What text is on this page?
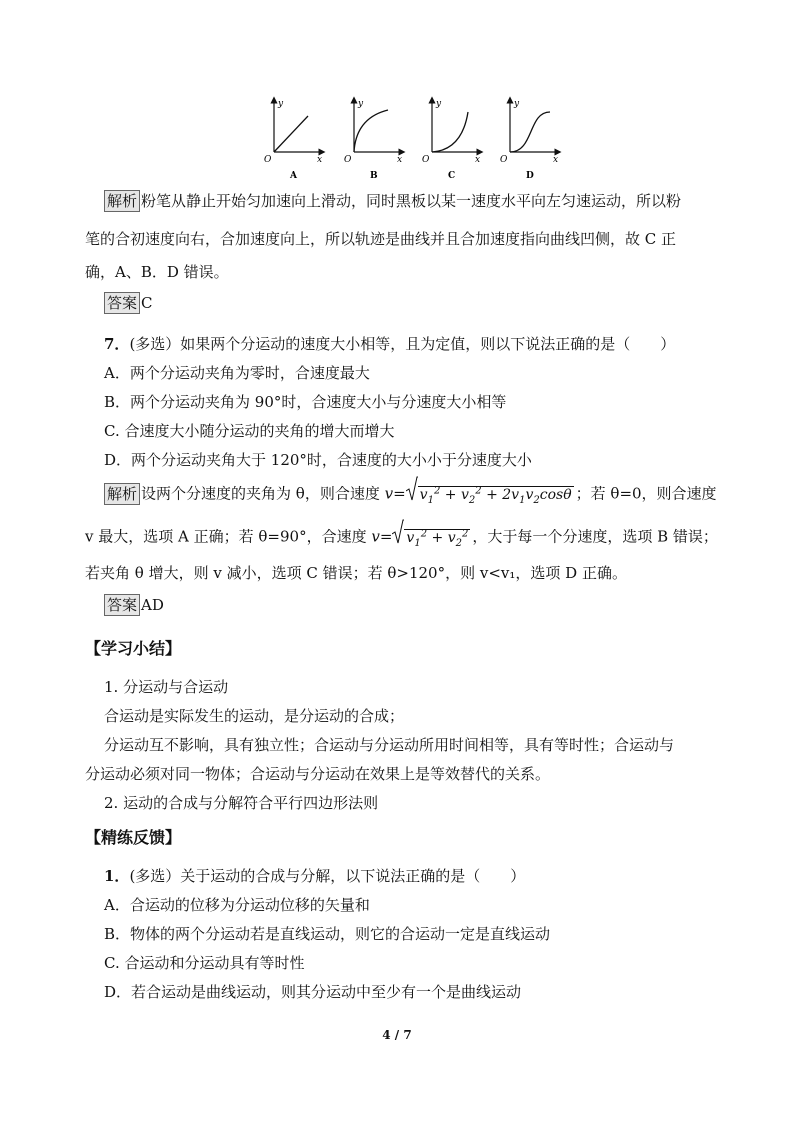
y
x
O
A
y
x
O
B
y
x
O
C
y
x
O
D
解析 粉笔从静止开始匀加速向上滑动，同时黑板以某一速度水平向左匀速运动，所以粉
笔的合初速度向右，合加速度向上，所以轨迹是曲线并且合加速度指向曲线凹侧，故 C 正
确，A、B．D 错误。
答案 C
7．(多选）如果两个分运动的速度大小相等，且为定值，则以下说法正确的是（　　）
A．两个分运动夹角为零时，合速度最大
B．两个分运动夹角为 90°时，合速度大小与分速度大小相等
C. 合速度大小随分运动的夹角的增大而增大
D．两个分运动夹角大于 120°时，合速度的大小小于分速度大小
解析 设两个分速度的夹角为 θ，则合速度 $v= v_1^2 + v_2^2 + 2v_1v_2\cos\theta$ ；若 θ=0，则合速度
v 最大，选项 A 正确；若 θ=90°，合速度 $v= v_1^2 + v_2^2$ ，大于每一个分速度，选项 B 错误；
若夹角 θ 增大，则 v 减小，选项 C 错误；若 θ>120°，则 v<v₁，选项 D 正确。
答案 AD
【学习小结】
1. 分运动与合运动
合运动是实际发生的运动，是分运动的合成；
分运动互不影响，具有独立性；合运动与分运动所用时间相等，具有等时性；合运动与
分运动必须对同一物体；合运动与分运动在效果上是等效替代的关系。
2. 运动的合成与分解符合平行四边形法则
【精练反馈】
1．(多选）关于运动的合成与分解，以下说法正确的是（　　）
A．合运动的位移为分运动位移的矢量和
B．物体的两个分运动若是直线运动，则它的合运动一定是直线运动
C. 合运动和分运动具有等时性
D．若合运动是曲线运动，则其分运动中至少有一个是曲线运动
4 / 7
